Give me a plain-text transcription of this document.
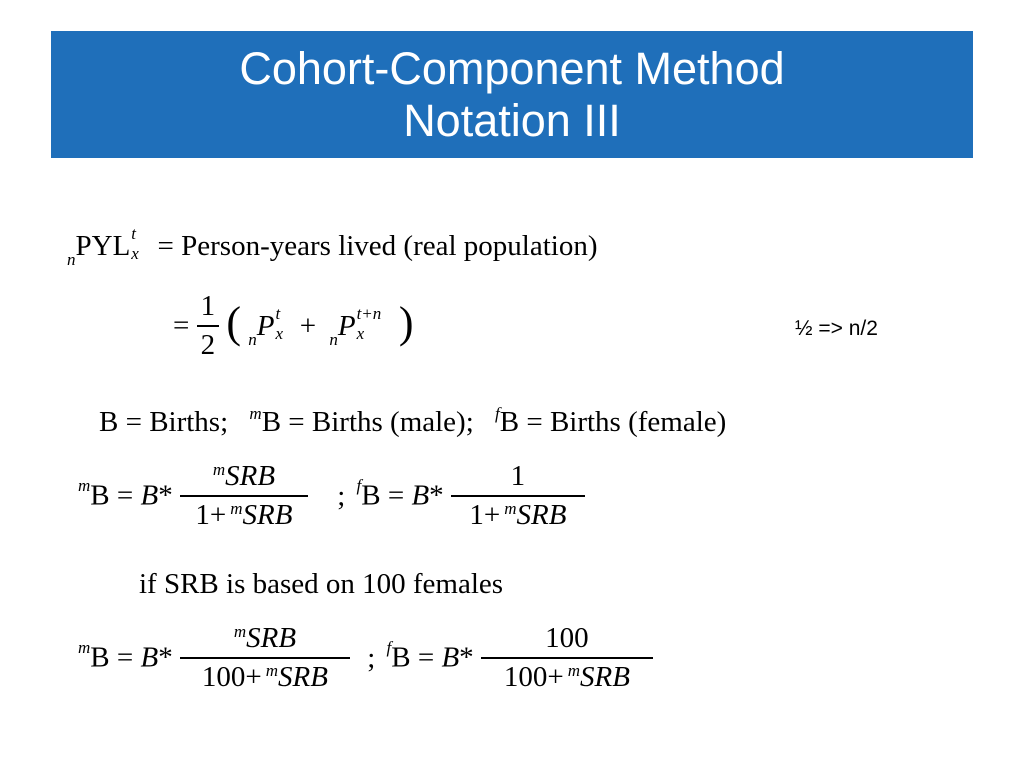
Cohort-Component Method
Notation III
$_n$PYL t
x = Person-years lived (real population)
= $\frac{1}{2}$ ( $_n$P t
x + $_n$P t+n
x )	½ => n/2
B = Births; $^m$B = Births (male); $^f$B = Births (female)
$^mB = B* \frac{^mSRB}{1+ ^mSRB}$ ; $^fB = B* \frac{1}{1+ ^mSRB}$
if SRB is based on 100 females
$^mB = B* \frac{^mSRB}{100+ ^mSRB}$ ; $^fB = B* \frac{100}{100+ ^mSRB}$
